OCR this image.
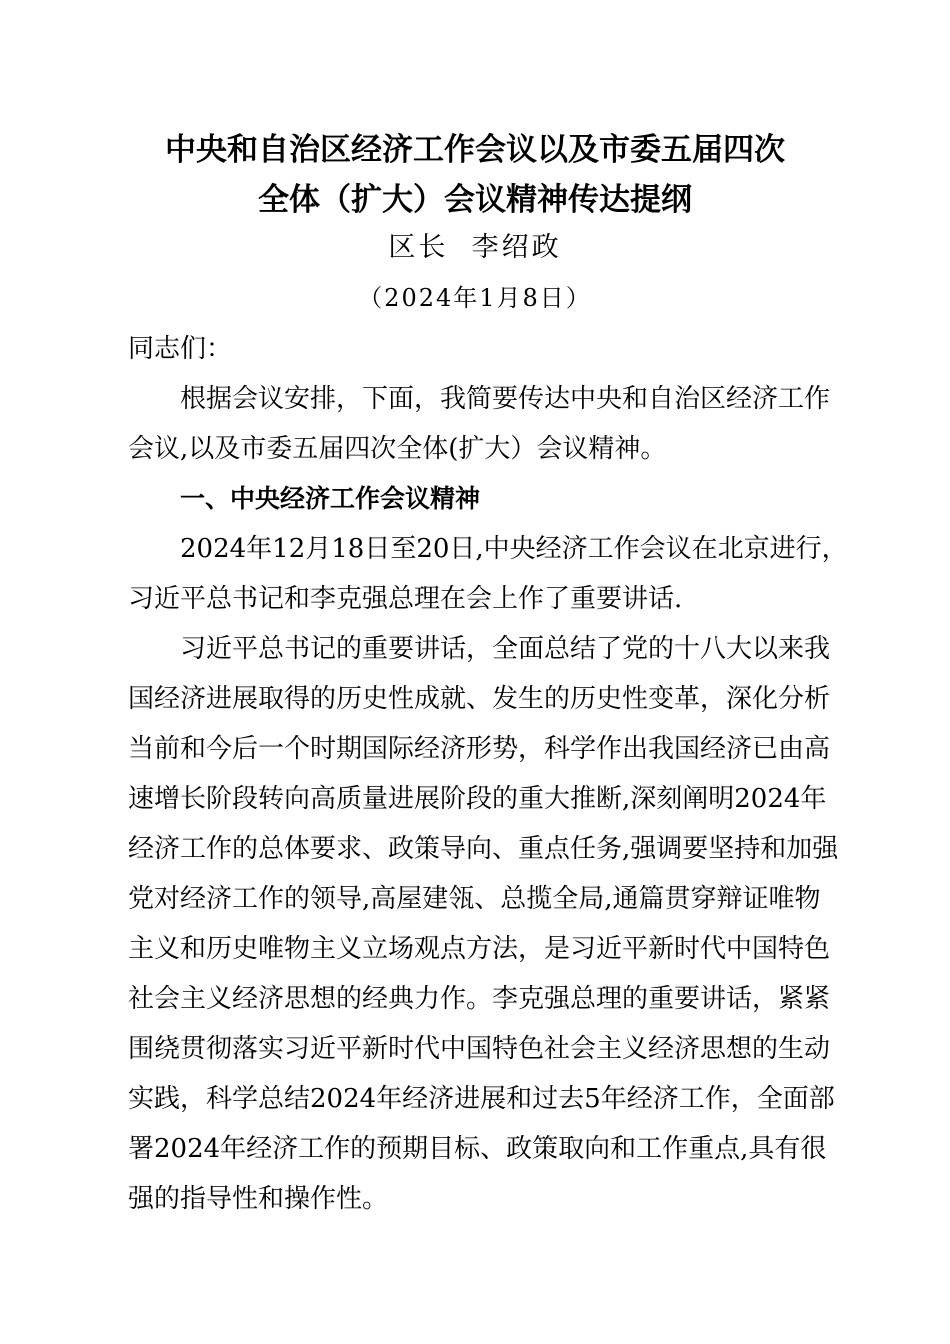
中央和自治区经济工作会议以及市委五届四次
全体（扩大）会议精神传达提纲
区长  李绍政
（2024年1月8日）
同志们：
根据会议安排，下面，我简要传达中央和自治区经济工作
会议,以及市委五届四次全体(扩大）会议精神。
一、中央经济工作会议精神
2024年12月18日至20日,中央经济工作会议在北京进行，
习近平总书记和李克强总理在会上作了重要讲话.
习近平总书记的重要讲话，全面总结了党的十八大以来我
国经济进展取得的历史性成就、发生的历史性变革，深化分析
当前和今后一个时期国际经济形势，科学作出我国经济已由高
速增长阶段转向高质量进展阶段的重大推断,深刻阐明2024年
经济工作的总体要求、政策导向、重点任务,强调要坚持和加强
党对经济工作的领导,高屋建瓴、总揽全局,通篇贯穿辩证唯物
主义和历史唯物主义立场观点方法，是习近平新时代中国特色
社会主义经济思想的经典力作。李克强总理的重要讲话，紧紧
围绕贯彻落实习近平新时代中国特色社会主义经济思想的生动
实践，科学总结2024年经济进展和过去5年经济工作，全面部
署2024年经济工作的预期目标、政策取向和工作重点,具有很
强的指导性和操作性。
